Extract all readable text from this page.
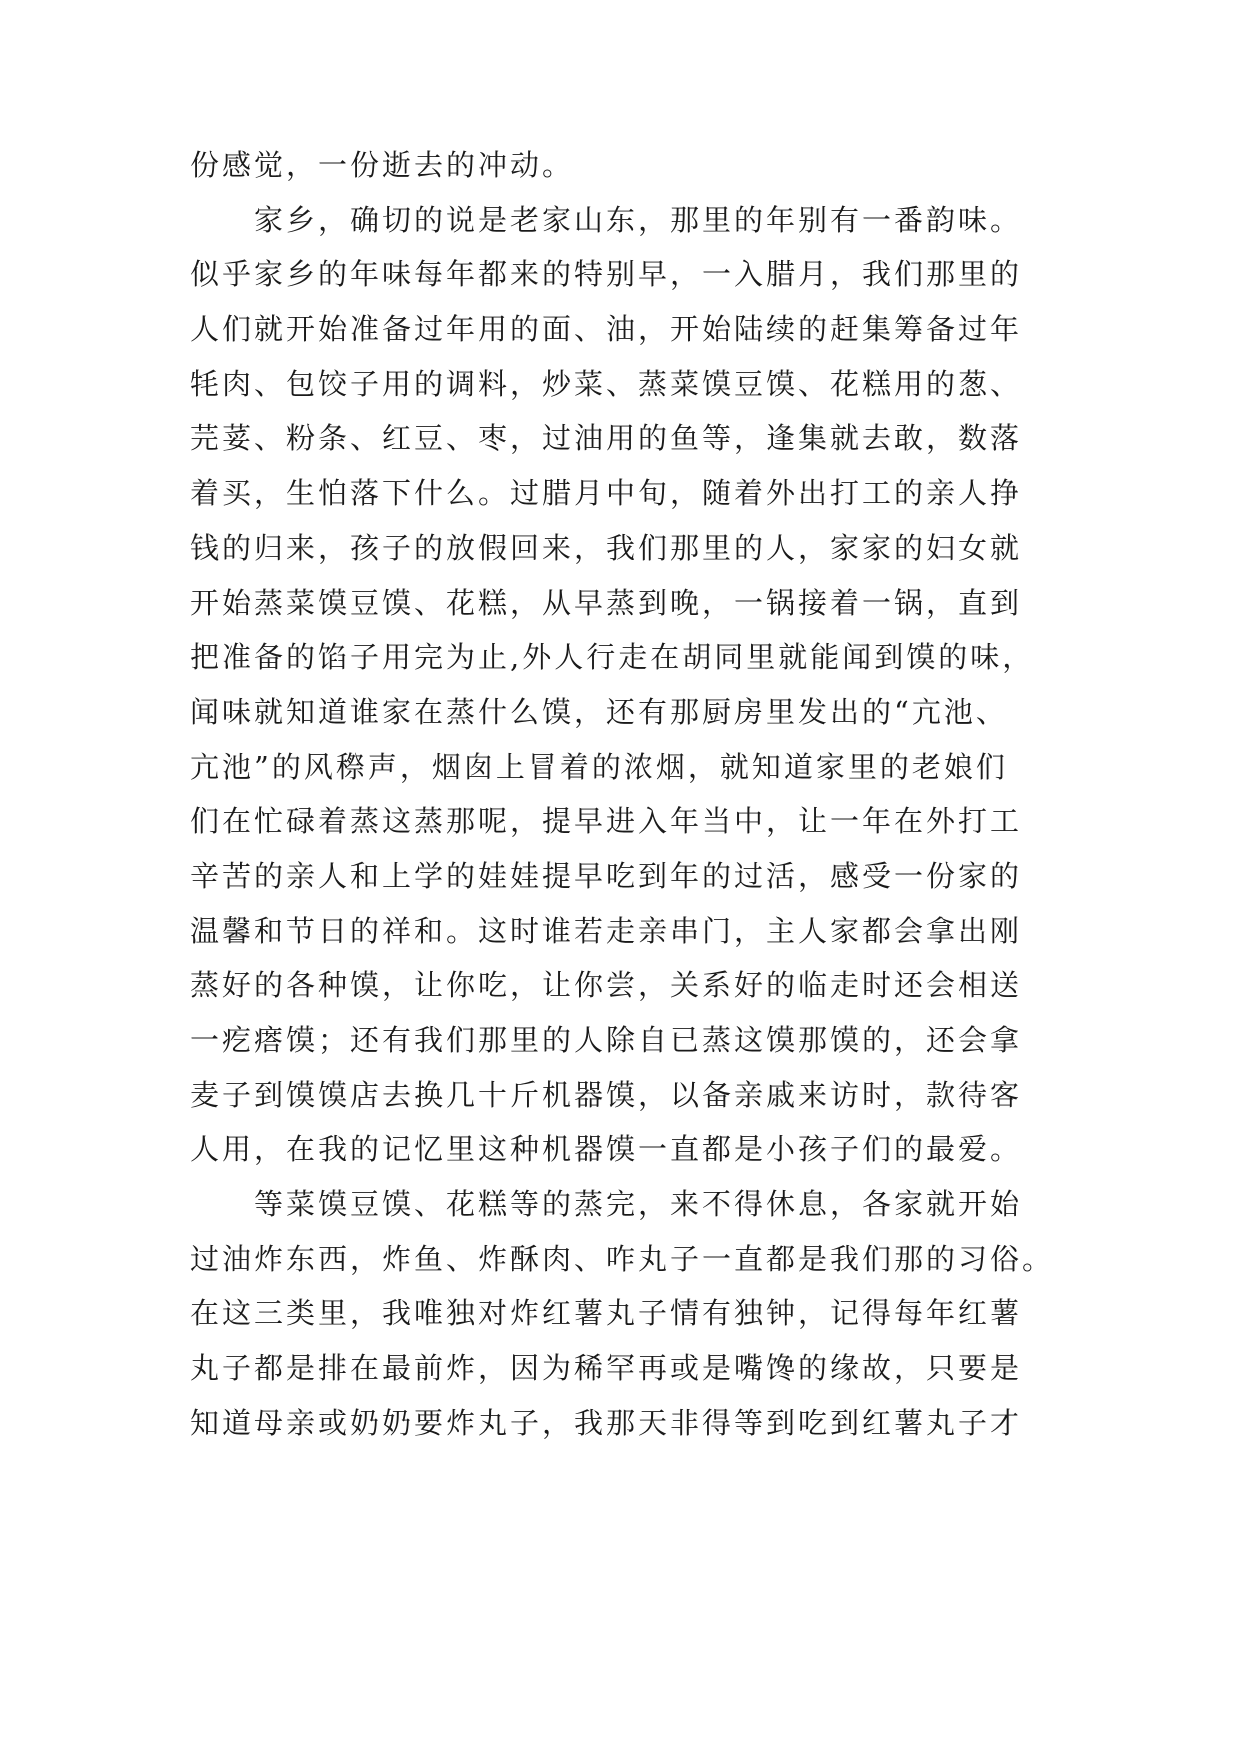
份感觉，一份逝去的冲动。
家乡，确切的说是老家山东，那里的年别有一番韵味。
似乎家乡的年味每年都来的特别早，一入腊月，我们那里的
人们就开始准备过年用的面、油，开始陆续的赶集筹备过年
牦肉、包饺子用的调料，炒菜、蒸菜馍豆馍、花糕用的葱、
芫荽、粉条、红豆、枣，过油用的鱼等，逢集就去敢，数落
着买，生怕落下什么。过腊月中旬，随着外出打工的亲人挣
钱的归来，孩子的放假回来，我们那里的人，家家的妇女就
开始蒸菜馍豆馍、花糕，从早蒸到晚，一锅接着一锅，直到
把准备的馅子用完为止,外人行走在胡同里就能闻到馍的味，
闻味就知道谁家在蒸什么馍，还有那厨房里发出的“亢池、
亢池”的风穄声，烟囱上冒着的浓烟，就知道家里的老娘们
们在忙碌着蒸这蒸那呢，提早进入年当中，让一年在外打工
辛苦的亲人和上学的娃娃提早吃到年的过活，感受一份家的
温馨和节日的祥和。这时谁若走亲串门，主人家都会拿出刚
蒸好的各种馍，让你吃，让你尝，关系好的临走时还会相送
一疙瘩馍；还有我们那里的人除自已蒸这馍那馍的，还会拿
麦子到馍馍店去换几十斤机器馍，以备亲戚来访时，款待客
人用，在我的记忆里这种机器馍一直都是小孩子们的最爱。
等菜馍豆馍、花糕等的蒸完，来不得休息，各家就开始
过油炸东西，炸鱼、炸酥肉、咋丸子一直都是我们那的习俗。
在这三类里，我唯独对炸红薯丸子情有独钟，记得每年红薯
丸子都是排在最前炸，因为稀罕再或是嘴馋的缘故，只要是
知道母亲或奶奶要炸丸子，我那天非得等到吃到红薯丸子才
